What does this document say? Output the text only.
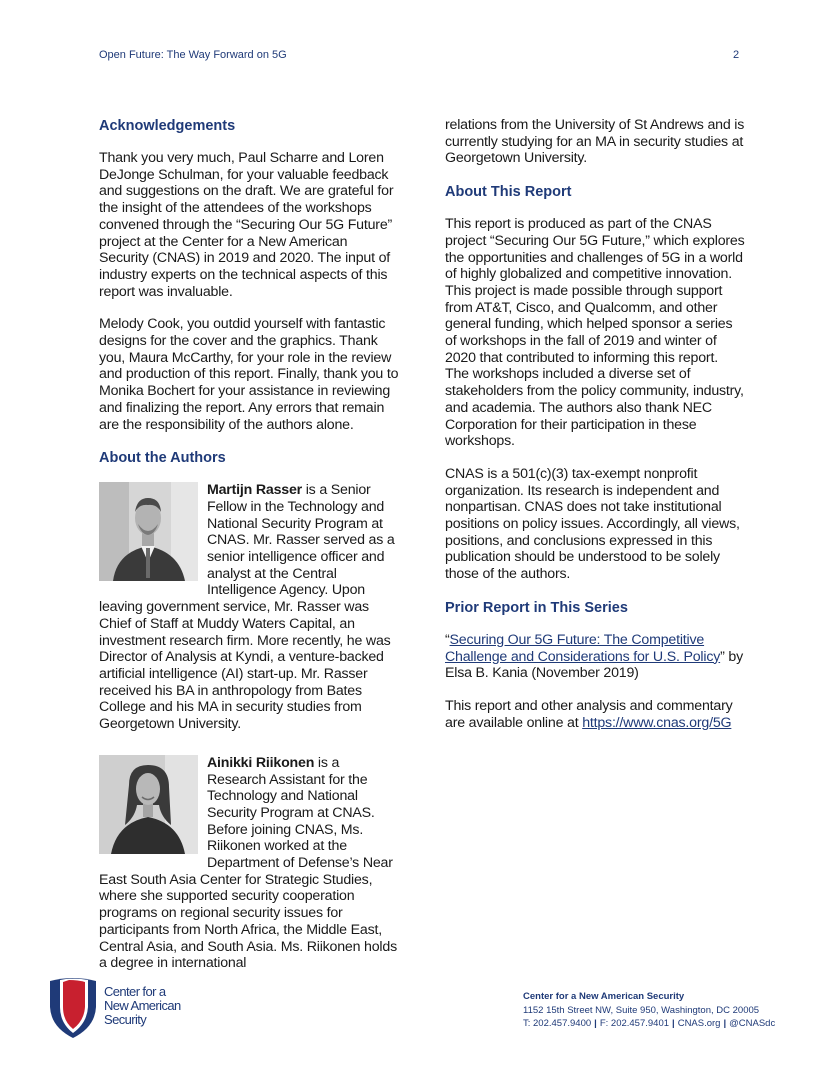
Open Future: The Way Forward on 5G	2
Acknowledgements

Thank you very much, Paul Scharre and Loren DeJonge Schulman, for your valuable feedback and suggestions on the draft. We are grateful for the insight of the attendees of the workshops convened through the “Securing Our 5G Future” project at the Center for a New American Security (CNAS) in 2019 and 2020. The input of industry experts on the technical aspects of this report was invaluable.

Melody Cook, you outdid yourself with fantastic designs for the cover and the graphics. Thank you, Maura McCarthy, for your role in the review and production of this report. Finally, thank you to Monika Bochert for your assistance in reviewing and finalizing the report. Any errors that remain are the responsibility of the authors alone.

About the Authors
Martijn Rasser is a Senior Fellow in the Technology and National Security Program at CNAS. Mr. Rasser served as a senior intelligence officer and analyst at the Central Intelligence Agency. Upon leaving government service, Mr. Rasser was Chief of Staff at Muddy Waters Capital, an investment research firm. More recently, he was Director of Analysis at Kyndi, a venture-backed artificial intelligence (AI) start-up. Mr. Rasser received his BA in anthropology from Bates College and his MA in security studies from Georgetown University.
Ainikki Riikonen is a Research Assistant for the Technology and National Security Program at CNAS. Before joining CNAS, Ms. Riikonen worked at the Department of Defense’s Near East South Asia Center for Strategic Studies, where she supported security cooperation programs on regional security issues for participants from North Africa, the Middle East, Central Asia, and South Asia. Ms. Riikonen holds a degree in international

relations from the University of St Andrews and is currently studying for an MA in security studies at Georgetown University.

About This Report

This report is produced as part of the CNAS project “Securing Our 5G Future,” which explores the opportunities and challenges of 5G in a world of highly globalized and competitive innovation. This project is made possible through support from AT&T, Cisco, and Qualcomm, and other general funding, which helped sponsor a series of workshops in the fall of 2019 and winter of 2020 that contributed to informing this report. The workshops included a diverse set of stakeholders from the policy community, industry, and academia. The authors also thank NEC Corporation for their participation in these workshops.

CNAS is a 501(c)(3) tax-exempt nonprofit organization. Its research is independent and nonpartisan. CNAS does not take institutional positions on policy issues. Accordingly, all views, positions, and conclusions expressed in this publication should be understood to be solely those of the authors.

Prior Report in This Series

“Securing Our 5G Future: The Competitive Challenge and Considerations for U.S. Policy” by Elsa B. Kania (November 2019)

This report and other analysis and commentary are available online at https://www.cnas.org/5G

Center for a
New American
Security
Center for a New American Security
1152 15th Street NW, Suite 950, Washington, DC 20005
T: 202.457.9400 | F: 202.457.9401 | CNAS.org | @CNASdc
